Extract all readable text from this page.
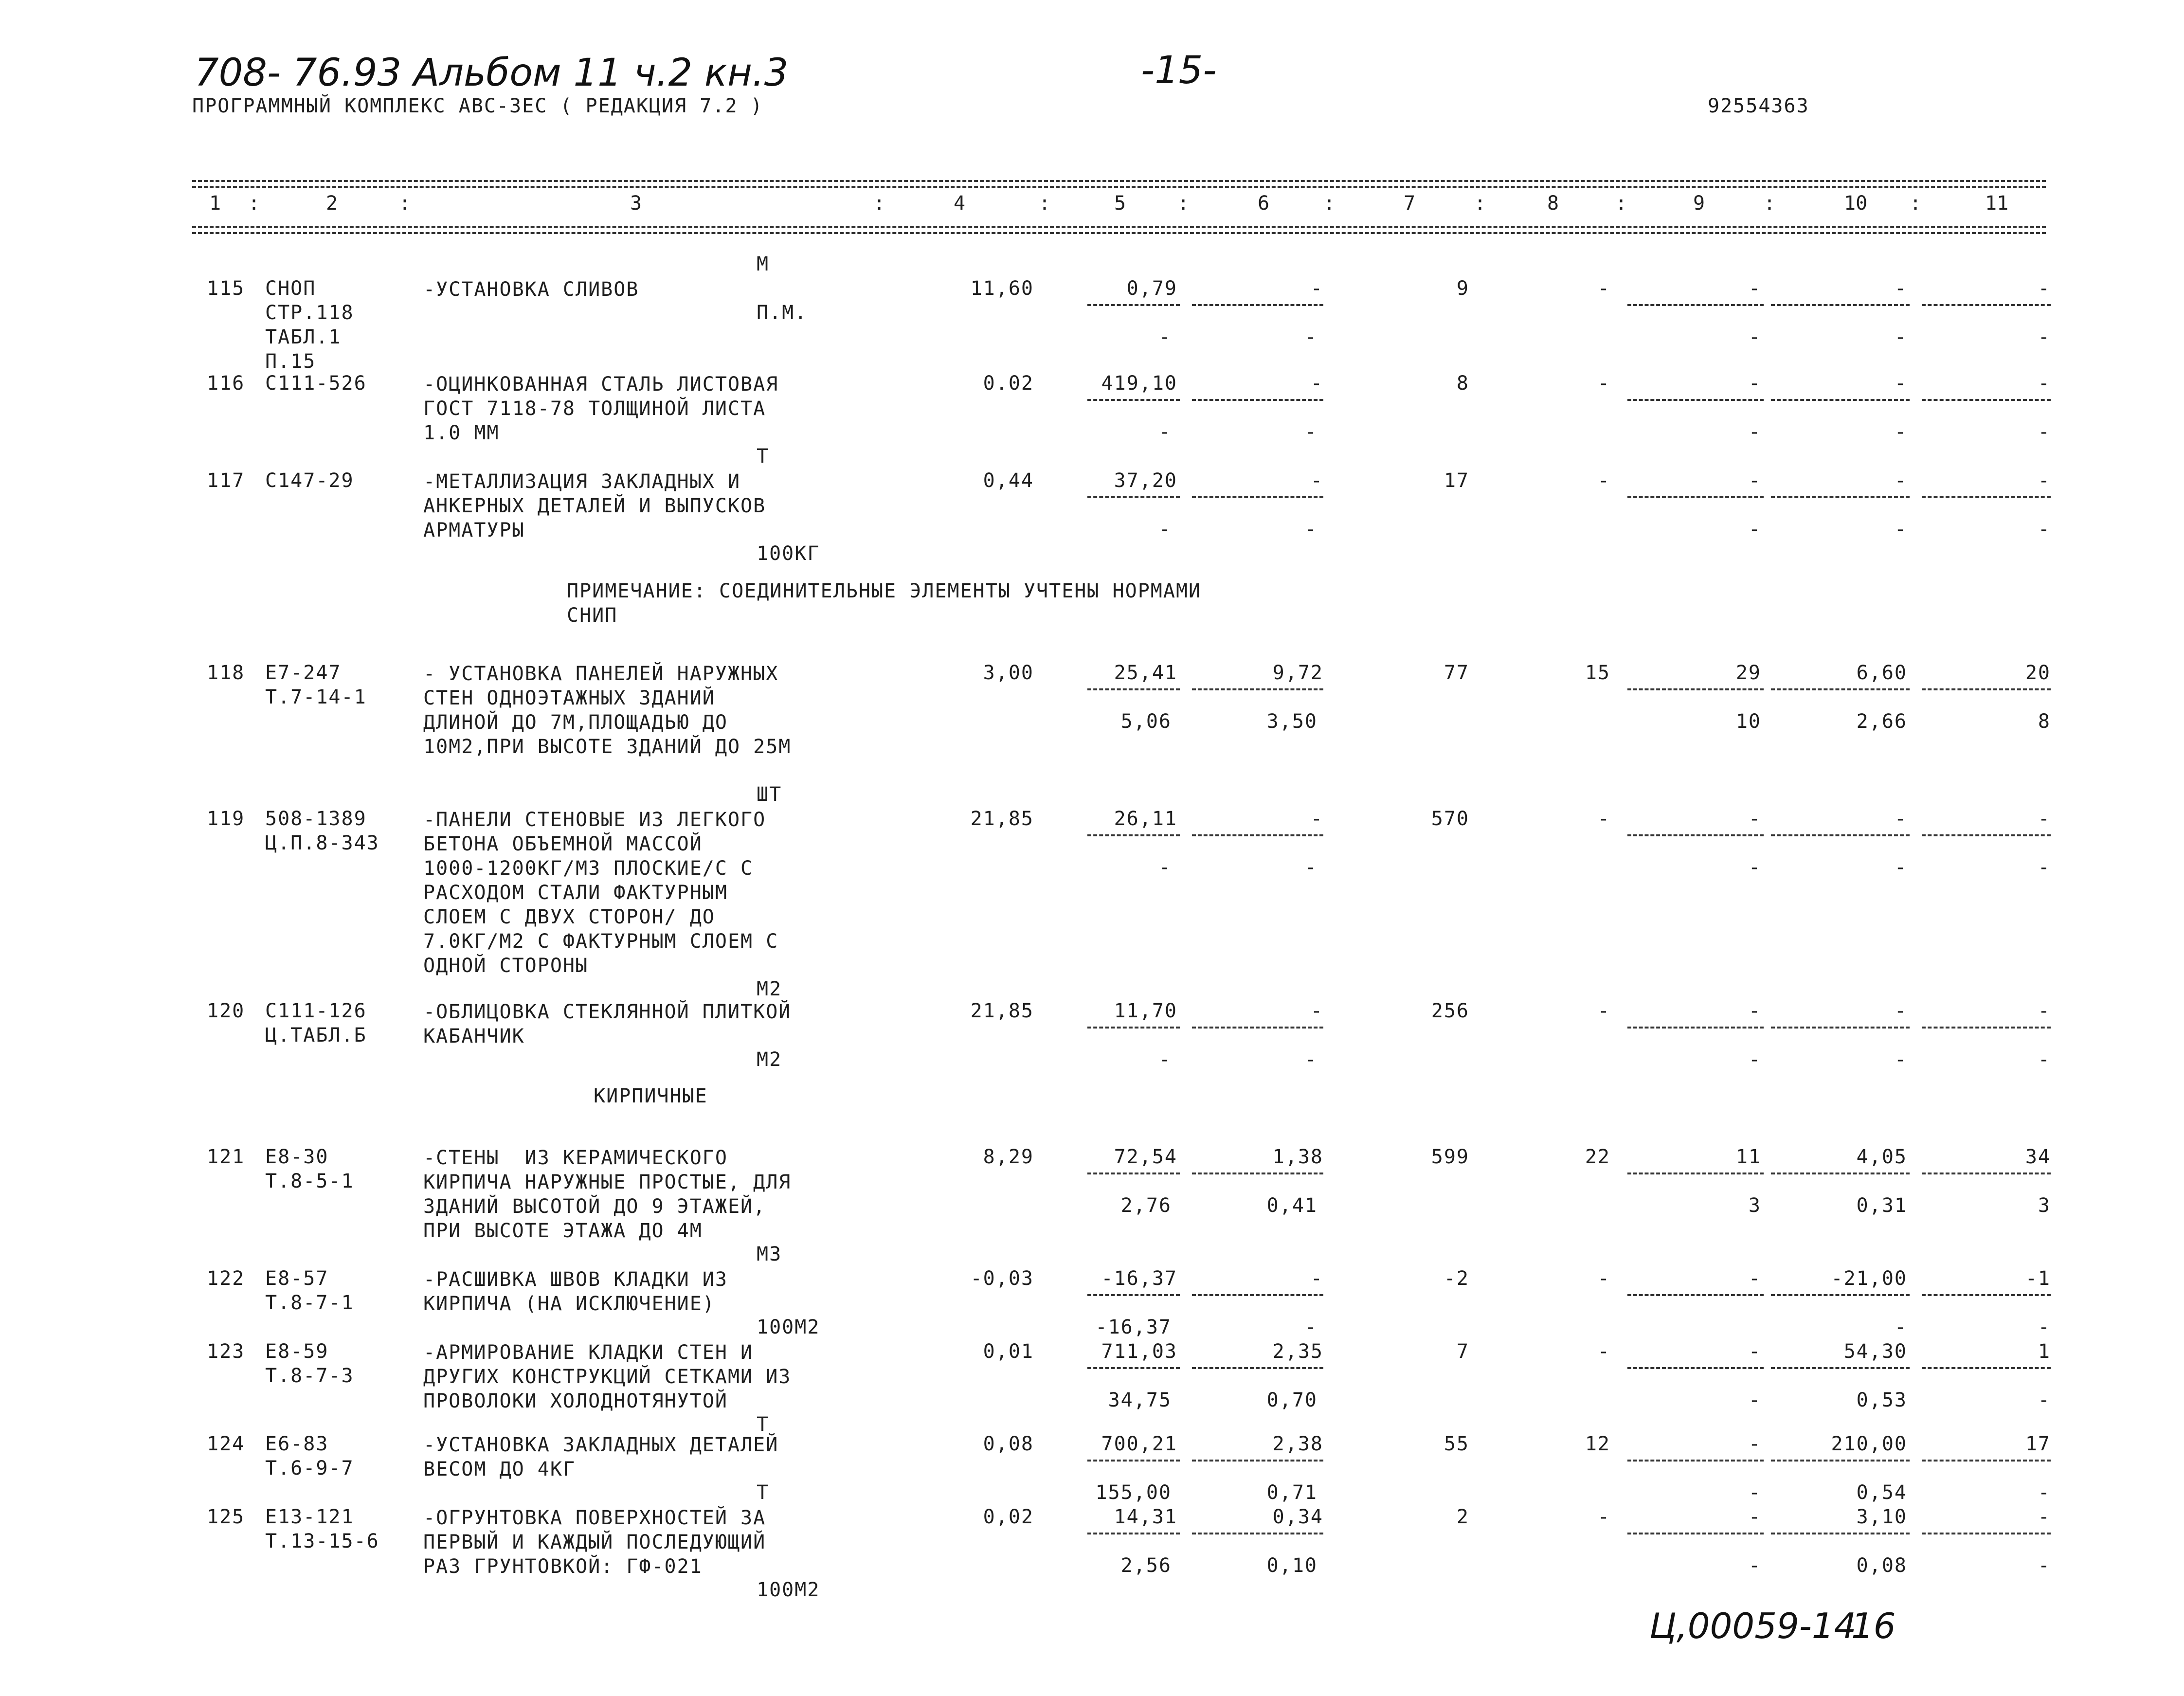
708- 76.93 Альбом 11 ч.2 кн.3	-15-
ПРОГРАММНЫЙ КОМПЛЕКС АВС-3ЕС ( РЕДАКЦИЯ 7.2 )	92554363
1	2	3	4	5	6	7	8	9	10	11
:	:	:	:	:	:	:	:	:	:
115 СНОП
СТР.118
ТАБЛ.1
П.15
М
-УСТАНОВКА СЛИВОВ
П.М.
11,60	0,79	-	9	-	-	-	-
-	-	-	-	-
116 С111-526	-ОЦИНКОВАННАЯ СТАЛЬ ЛИСТОВАЯ
ГОСТ 7118-78 ТОЛЩИНОЙ ЛИСТА
1.0 ММ
0.02	419,10	-	8	-	-	-	-
-	-	-	-	-
117 С147-29
Т
-МЕТАЛЛИЗАЦИЯ ЗАКЛАДНЫХ И
АНКЕРНЫХ ДЕТАЛЕЙ И ВЫПУСКОВ
АРМАТУРЫ
100КГ
0,44	37,20	-	17	-	-	-	-
-	-	-	-	-
118 Е7-247
Т.7-14-1
- УСТАНОВКА ПАНЕЛЕЙ НАРУЖНЫХ
СТЕН ОДНОЭТАЖНЫХ ЗДАНИЙ
ДЛИНОЙ ДО 7М,ПЛОЩАДЬЮ ДО
10М2,ПРИ ВЫСОТЕ ЗДАНИЙ ДО 25М
3,00	25,41	9,72	77	15	29	6,60	20
5,06	3,50	10	2,66	8
119 508-1389
Ц.П.8-343
ШТ
-ПАНЕЛИ СТЕНОВЫЕ ИЗ ЛЕГКОГО
БЕТОНА ОБЪЕМНОЙ МАССОЙ
1000-1200КГ/М3 ПЛОСКИЕ/С С
РАСХОДОМ СТАЛИ ФАКТУРНЫМ
СЛОЕМ С ДВУХ СТОРОН/ ДО
7.0КГ/М2 С ФАКТУРНЫМ СЛОЕМ С
ОДНОЙ СТОРОНЫ
М2
21,85	26,11	-	570	-	-	-	-
-	-	-	-	-
120 С111-126
Ц.ТАБЛ.Б
-ОБЛИЦОВКА СТЕКЛЯННОЙ ПЛИТКОЙ
КАБАНЧИК
М2
21,85	11,70	-	256	-	-	-	-
-	-	-	-	-
121 Е8-30
Т.8-5-1
-СТЕНЫ  ИЗ КЕРАМИЧЕСКОГО
КИРПИЧА НАРУЖНЫЕ ПРОСТЫЕ, ДЛЯ
ЗДАНИЙ ВЫСОТОЙ ДО 9 ЭТАЖЕЙ,
ПРИ ВЫСОТЕ ЭТАЖА ДО 4М
М3
8,29	72,54	1,38	599	22	11	4,05	34
2,76	0,41	3	0,31	3
122 Е8-57
Т.8-7-1
-РАСШИВКА ШВОВ КЛАДКИ ИЗ
КИРПИЧА (НА ИСКЛЮЧЕНИЕ)
100М2
-0,03	-16,37	-	-2	-	-	-21,00	-1
-16,37	-	-	-
123 Е8-59
Т.8-7-3
-АРМИРОВАНИЕ КЛАДКИ СТЕН И
ДРУГИХ КОНСТРУКЦИЙ СЕТКАМИ ИЗ
ПРОВОЛОКИ ХОЛОДНОТЯНУТОЙ
Т
0,01	711,03	2,35	7	-	-	54,30	1
34,75	0,70	-	0,53	-
124 Е6-83
Т.6-9-7
-УСТАНОВКА ЗАКЛАДНЫХ ДЕТАЛЕЙ
ВЕСОМ ДО 4КГ
Т
0,08	700,21	2,38	55	12	-	210,00	17
155,00	0,71	-	0,54	-
125 Е13-121
Т.13-15-6
-ОГРУНТОВКА ПОВЕРХНОСТЕЙ ЗА
ПЕРВЫЙ И КАЖДЫЙ ПОСЛЕДУЮЩИЙ
РАЗ ГРУНТОВКОЙ: ГФ-021
100М2
0,02	14,31	0,34	2	-	-	3,10	-
2,56	0,10	-	0,08	-
ПРИМЕЧАНИЕ: СОЕДИНИТЕЛЬНЫЕ ЭЛЕМЕНТЫ УЧТЕНЫ НОРМАМИ
СНИП
КИРПИЧНЫЕ
Ц,00059-14
16
